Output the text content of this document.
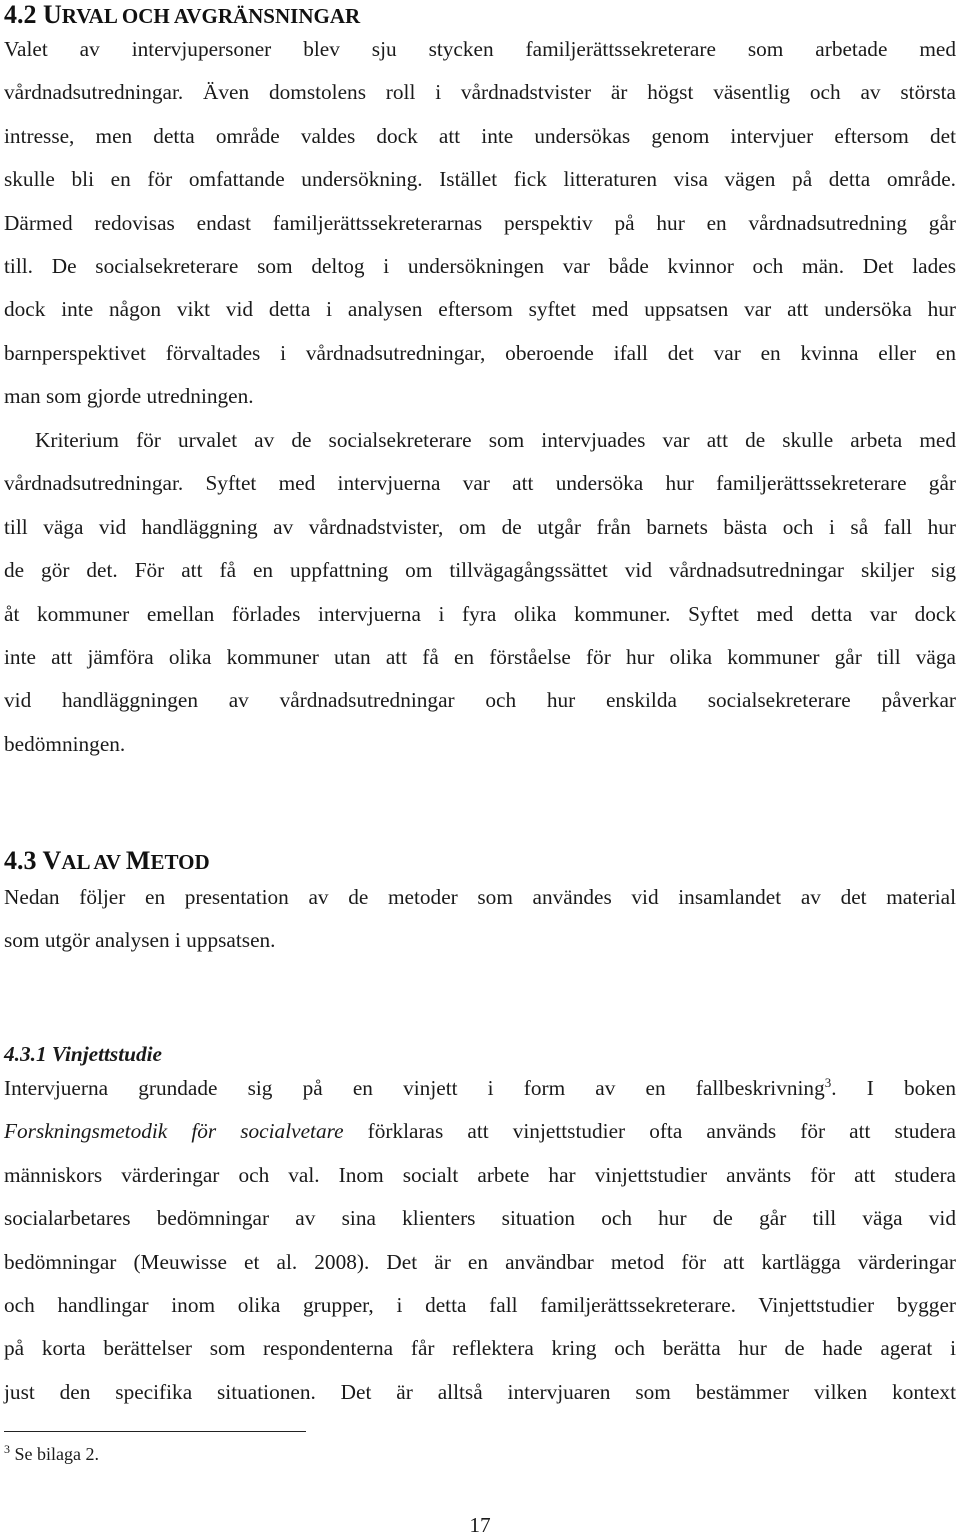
4.2 URVAL OCH AVGRÄNSNINGAR
Valet av intervjupersoner blev sju stycken familjerättssekreterare som arbetade med
vårdnadsutredningar. Även domstolens roll i vårdnadstvister är högst väsentlig och av största
intresse, men detta område valdes dock att inte undersökas genom intervjuer eftersom det
skulle bli en för omfattande undersökning. Istället fick litteraturen visa vägen på detta område.
Därmed redovisas endast familjerättssekreterarnas perspektiv på hur en vårdnadsutredning går
till. De socialsekreterare som deltog i undersökningen var både kvinnor och män. Det lades
dock inte någon vikt vid detta i analysen eftersom syftet med uppsatsen var att undersöka hur
barnperspektivet förvaltades i vårdnadsutredningar, oberoende ifall det var en kvinna eller en
man som gjorde utredningen.
Kriterium för urvalet av de socialsekreterare som intervjuades var att de skulle arbeta med
vårdnadsutredningar. Syftet med intervjuerna var att undersöka hur familjerättssekreterare går
till väga vid handläggning av vårdnadstvister, om de utgår från barnets bästa och i så fall hur
de gör det. För att få en uppfattning om tillvägagångssättet vid vårdnadsutredningar skiljer sig
åt kommuner emellan förlades intervjuerna i fyra olika kommuner. Syftet med detta var dock
inte att jämföra olika kommuner utan att få en förståelse för hur olika kommuner går till väga
vid handläggningen av vårdnadsutredningar och hur enskilda socialsekreterare påverkar
bedömningen.
4.3 VAL AV METOD
Nedan följer en presentation av de metoder som användes vid insamlandet av det material
som utgör analysen i uppsatsen.
4.3.1 Vinjettstudie
Intervjuerna grundade sig på en vinjett i form av en fallbeskrivning$^3$. I boken
Forskningsmetodik för socialvetare förklaras att vinjettstudier ofta används för att studera
människors värderingar och val. Inom socialt arbete har vinjettstudier använts för att studera
socialarbetares bedömningar av sina klienters situation och hur de går till väga vid
bedömningar (Meuwisse et al. 2008). Det är en användbar metod för att kartlägga värderingar
och handlingar inom olika grupper, i detta fall familjerättssekreterare. Vinjettstudier bygger
på korta berättelser som respondenterna får reflektera kring och berätta hur de hade agerat i
just den specifika situationen. Det är alltså intervjuaren som bestämmer vilken kontext
$^3$ Se bilaga 2.
17
